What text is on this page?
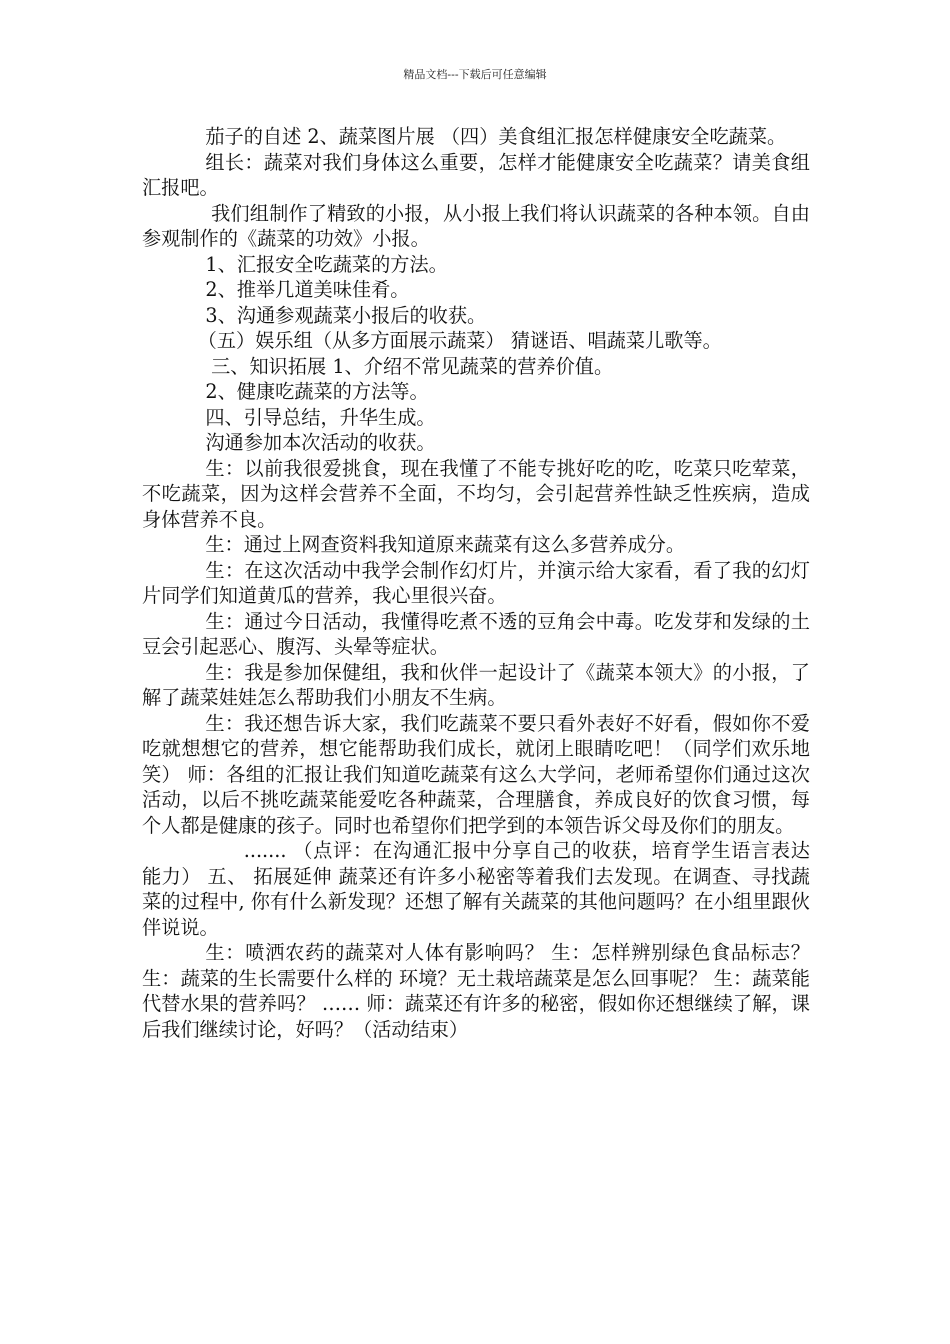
精品文档---下载后可任意编辑

茄子的自述 2、蔬菜图片展 （四）美食组汇报怎样健康安全吃蔬菜。

组长：蔬菜对我们身体这么重要，怎样才能健康安全吃蔬菜？请美食组汇报吧。

我们组制作了精致的小报，从小报上我们将认识蔬菜的各种本领。自由参观制作的《蔬菜的功效》小报。

1、汇报安全吃蔬菜的方法。

2、推举几道美味佳肴。

3、沟通参观蔬菜小报后的收获。

（五）娱乐组（从多方面展示蔬菜） 猜谜语、唱蔬菜儿歌等。

三、知识拓展 1、介绍不常见蔬菜的营养价值。

2、健康吃蔬菜的方法等。

四、引导总结，升华生成。

沟通参加本次活动的收获。

生：以前我很爱挑食，现在我懂了不能专挑好吃的吃，吃菜只吃荤菜，不吃蔬菜，因为这样会营养不全面，不均匀，会引起营养性缺乏性疾病，造成身体营养不良。

生：通过上网查资料我知道原来蔬菜有这么多营养成分。

生：在这次活动中我学会制作幻灯片，并演示给大家看，看了我的幻灯片同学们知道黄瓜的营养，我心里很兴奋。

生：通过今日活动，我懂得吃煮不透的豆角会中毒。吃发芽和发绿的土豆会引起恶心、腹泻、头晕等症状。

生：我是参加保健组，我和伙伴一起设计了《蔬菜本领大》的小报，了解了蔬菜娃娃怎么帮助我们小朋友不生病。

生：我还想告诉大家，我们吃蔬菜不要只看外表好不好看，假如你不爱吃就想想它的营养，想它能帮助我们成长，就闭上眼睛吃吧！（同学们欢乐地笑） 师：各组的汇报让我们知道吃蔬菜有这么大学问，老师希望你们通过这次活动，以后不挑吃蔬菜能爱吃各种蔬菜，合理膳食，养成良好的饮食习惯，每个人都是健康的孩子。同时也希望你们把学到的本领告诉父母及你们的朋友。

....... （点评：在沟通汇报中分享自己的收获，培育学生语言表达能力） 五、 拓展延伸 蔬菜还有许多小秘密等着我们去发现。在调查、寻找蔬菜的过程中, 你有什么新发现？还想了解有关蔬菜的其他问题吗？在小组里跟伙伴说说。

生：喷洒农药的蔬菜对人体有影响吗？ 生：怎样辨别绿色食品标志？ 生：蔬菜的生长需要什么样的 环境？无土栽培蔬菜是怎么回事呢？ 生：蔬菜能代替水果的营养吗？ …… 师：蔬菜还有许多的秘密，假如你还想继续了解，课后我们继续讨论，好吗？（活动结束）
